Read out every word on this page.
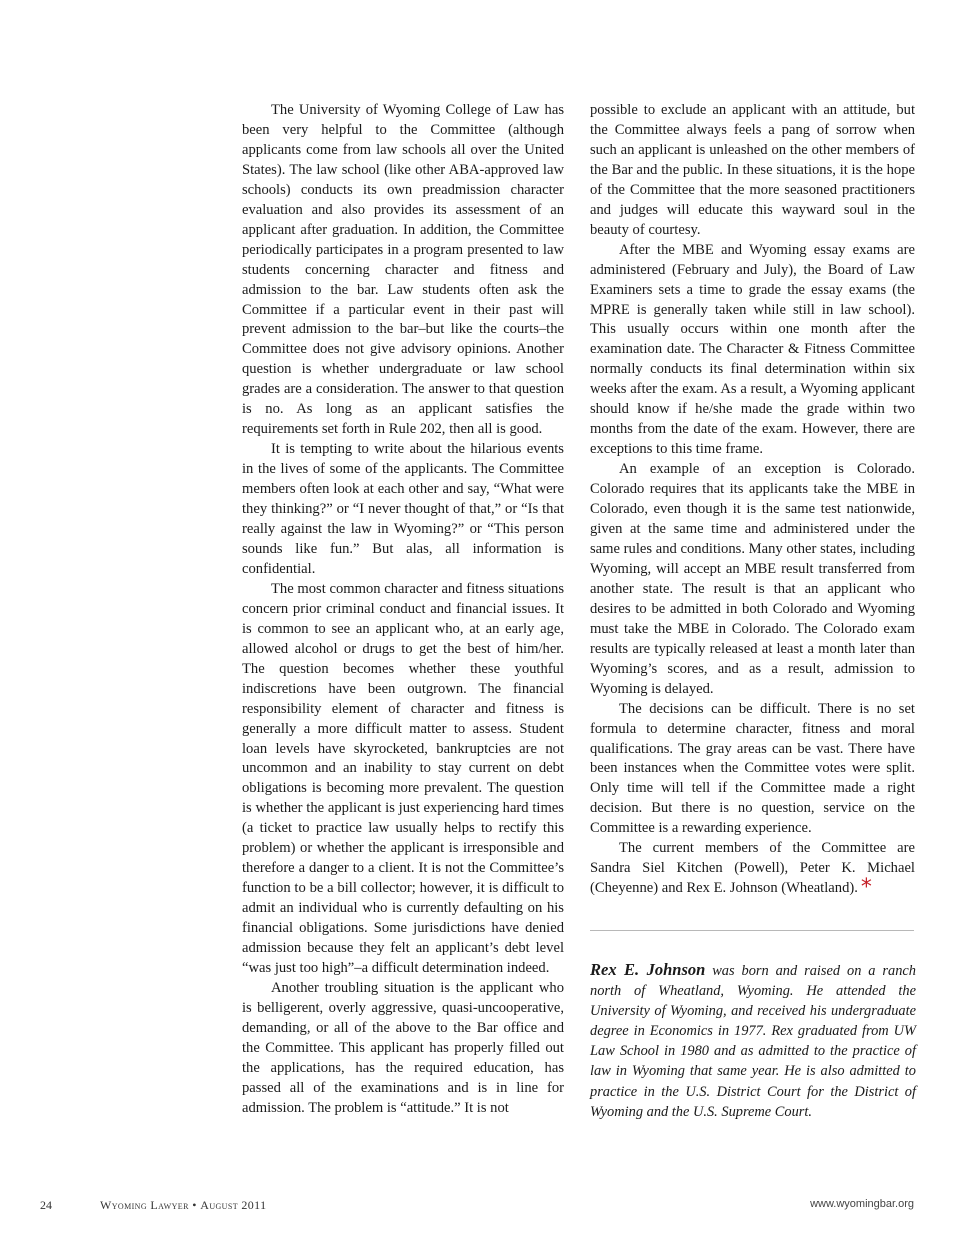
The University of Wyoming College of Law has been very helpful to the Committee (although applicants come from law schools all over the United States). The law school (like other ABA-approved law schools) conducts its own preadmission character evaluation and also provides its assessment of an applicant after graduation. In addition, the Committee periodically participates in a program presented to law students concerning character and fitness and admission to the bar. Law students often ask the Committee if a particular event in their past will prevent admission to the bar–but like the courts–the Committee does not give advisory opinions. Another question is whether undergraduate or law school grades are a consideration. The answer to that question is no. As long as an applicant satisfies the requirements set forth in Rule 202, then all is good.

It is tempting to write about the hilarious events in the lives of some of the applicants. The Committee members often look at each other and say, “What were they thinking?” or “I never thought of that,” or “Is that really against the law in Wyoming?” or “This person sounds like fun.” But alas, all information is confidential.

The most common character and fitness situations concern prior criminal conduct and financial issues. It is common to see an applicant who, at an early age, allowed alcohol or drugs to get the best of him/her. The question becomes whether these youthful indiscretions have been outgrown. The financial responsibility element of character and fitness is generally a more difficult matter to assess. Student loan levels have skyrocketed, bankruptcies are not uncommon and an inability to stay current on debt obligations is becoming more prevalent. The question is whether the applicant is just experiencing hard times (a ticket to practice law usually helps to rectify this problem) or whether the applicant is irresponsible and therefore a danger to a client. It is not the Committee’s function to be a bill collector; however, it is difficult to admit an individual who is currently defaulting on his financial obligations. Some jurisdictions have denied admission because they felt an applicant’s debt level “was just too high”–a difficult determination indeed.

Another troubling situation is the applicant who is belligerent, overly aggressive, quasi-uncooperative, demanding, or all of the above to the Bar office and the Committee. This applicant has properly filled out the applications, has the required education, has passed all of the examinations and is in line for admission. The problem is “attitude.” It is not

possible to exclude an applicant with an attitude, but the Committee always feels a pang of sorrow when such an applicant is unleashed on the other members of the Bar and the public. In these situations, it is the hope of the Committee that the more seasoned practitioners and judges will educate this wayward soul in the beauty of courtesy.

After the MBE and Wyoming essay exams are administered (February and July), the Board of Law Examiners sets a time to grade the essay exams (the MPRE is generally taken while still in law school). This usually occurs within one month after the examination date. The Character & Fitness Committee normally conducts its final determination within six weeks after the exam. As a result, a Wyoming applicant should know if he/she made the grade within two months from the date of the exam. However, there are exceptions to this time frame.

An example of an exception is Colorado. Colorado requires that its applicants take the MBE in Colorado, even though it is the same test nationwide, given at the same time and administered under the same rules and conditions. Many other states, including Wyoming, will accept an MBE result transferred from another state. The result is that an applicant who desires to be admitted in both Colorado and Wyoming must take the MBE in Colorado. The Colorado exam results are typically released at least a month later than Wyoming’s scores, and as a result, admission to Wyoming is delayed.

The decisions can be difficult. There is no set formula to determine character, fitness and moral qualifications. The gray areas can be vast. There have been instances when the Committee votes were split. Only time will tell if the Committee made a right decision. But there is no question, service on the Committee is a rewarding experience.

The current members of the Committee are Sandra Siel Kitchen (Powell), Peter K. Michael (Cheyenne) and Rex E. Johnson (Wheatland). *

Rex E. Johnson was born and raised on a ranch north of Wheatland, Wyoming. He attended the University of Wyoming, and received his undergraduate degree in Economics in 1977. Rex graduated from UW Law School in 1980 and as admitted to the practice of law in Wyoming that same year. He is also admitted to practice in the U.S. District Court for the District of Wyoming and the U.S. Supreme Court.

24	Wyoming Lawyer • August 2011	www.wyomingbar.org
